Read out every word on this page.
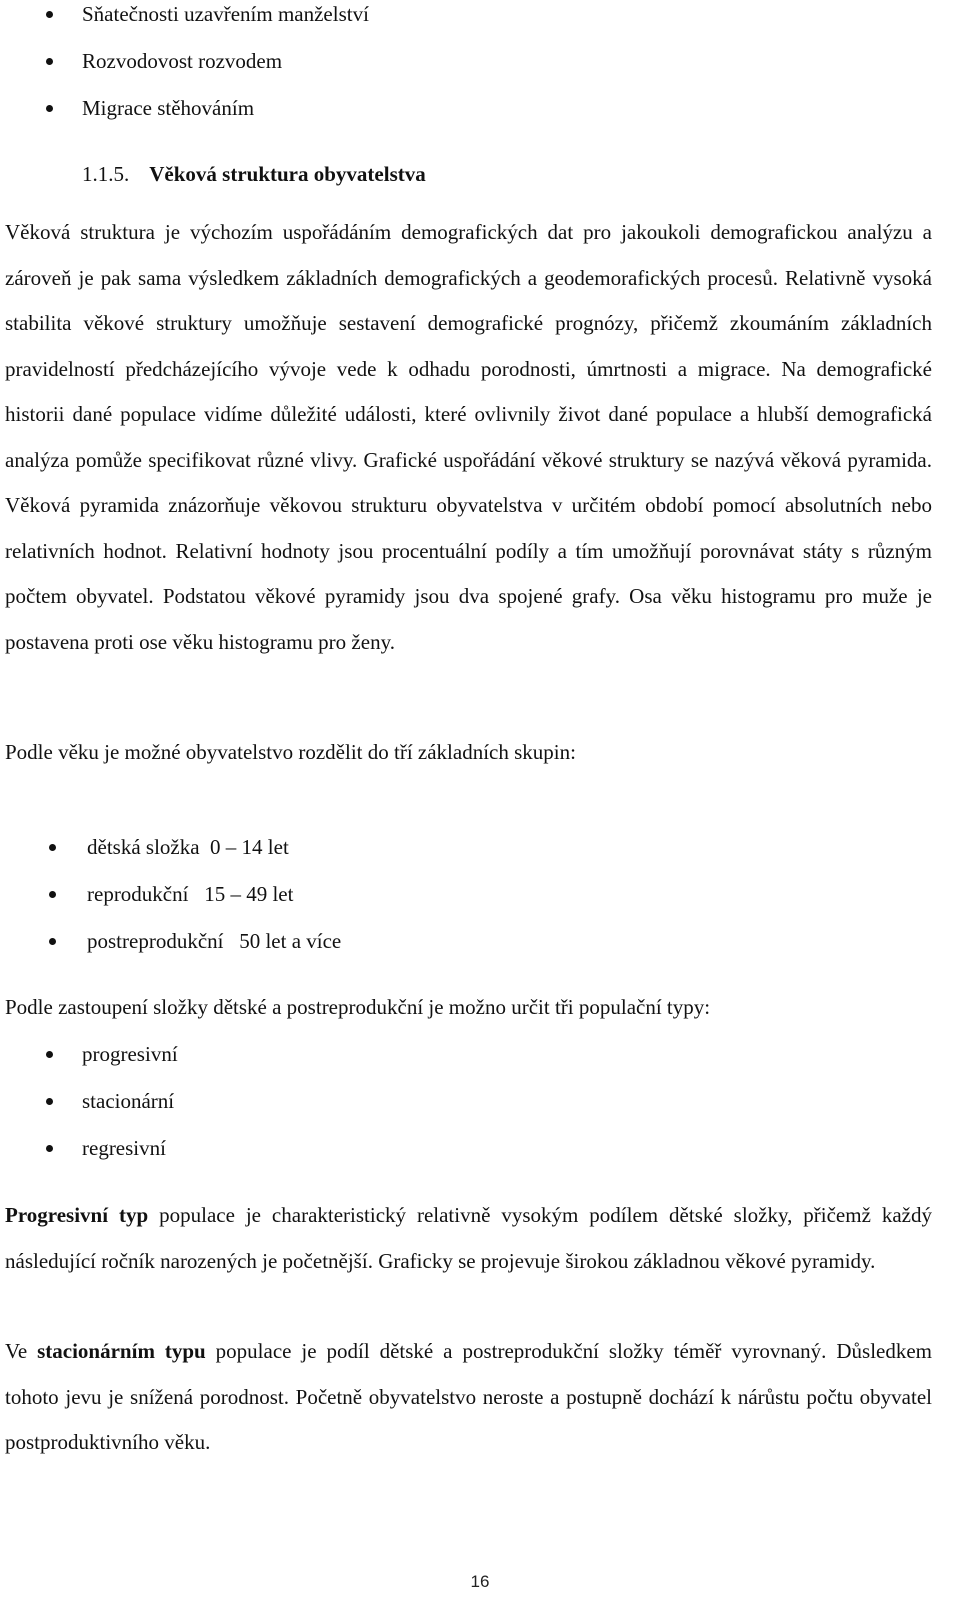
Sňatečnosti uzavřením manželství
Rozvodovost rozvodem
Migrace stěhováním
1.1.5. Věková struktura obyvatelstva

Věková struktura je výchozím uspořádáním demografických dat pro jakoukoli demografickou analýzu a zároveň je pak sama výsledkem základních demografických a geodemorafických procesů. Relativně vysoká stabilita věkové struktury umožňuje sestavení demografické prognózy, přičemž zkoumáním základních pravidelností předcházejícího vývoje vede k odhadu porodnosti, úmrtnosti a migrace. Na demografické historii dané populace vidíme důležité události, které ovlivnily život dané populace a hlubší demografická analýza pomůže specifikovat různé vlivy. Grafické uspořádání věkové struktury se nazývá věková pyramida. Věková pyramida znázorňuje věkovou strukturu obyvatelstva v určitém období pomocí absolutních nebo relativních hodnot. Relativní hodnoty jsou procentuální podíly a tím umožňují porovnávat státy s různým počtem obyvatel. Podstatou věkové pyramidy jsou dva spojené grafy. Osa věku histogramu pro muže je postavena proti ose věku histogramu pro ženy.

Podle věku je možné obyvatelstvo rozdělit do tří základních skupin:

dětská složka  0 – 14 let
reprodukční   15 – 49 let
postreprodukční   50 let a více

Podle zastoupení složky dětské a postreprodukční je možno určit tři populační typy:

progresivní
stacionární
regresivní

Progresivní typ populace je charakteristický relativně vysokým podílem dětské složky, přičemž každý následující ročník narozených je početnější. Graficky se projevuje širokou základnou věkové pyramidy.

Ve stacionárním typu populace je podíl dětské a postreprodukční složky téměř vyrovnaný. Důsledkem tohoto jevu je snížená porodnost. Početně obyvatelstvo neroste a postupně dochází k nárůstu počtu obyvatel postproduktivního věku.

16
